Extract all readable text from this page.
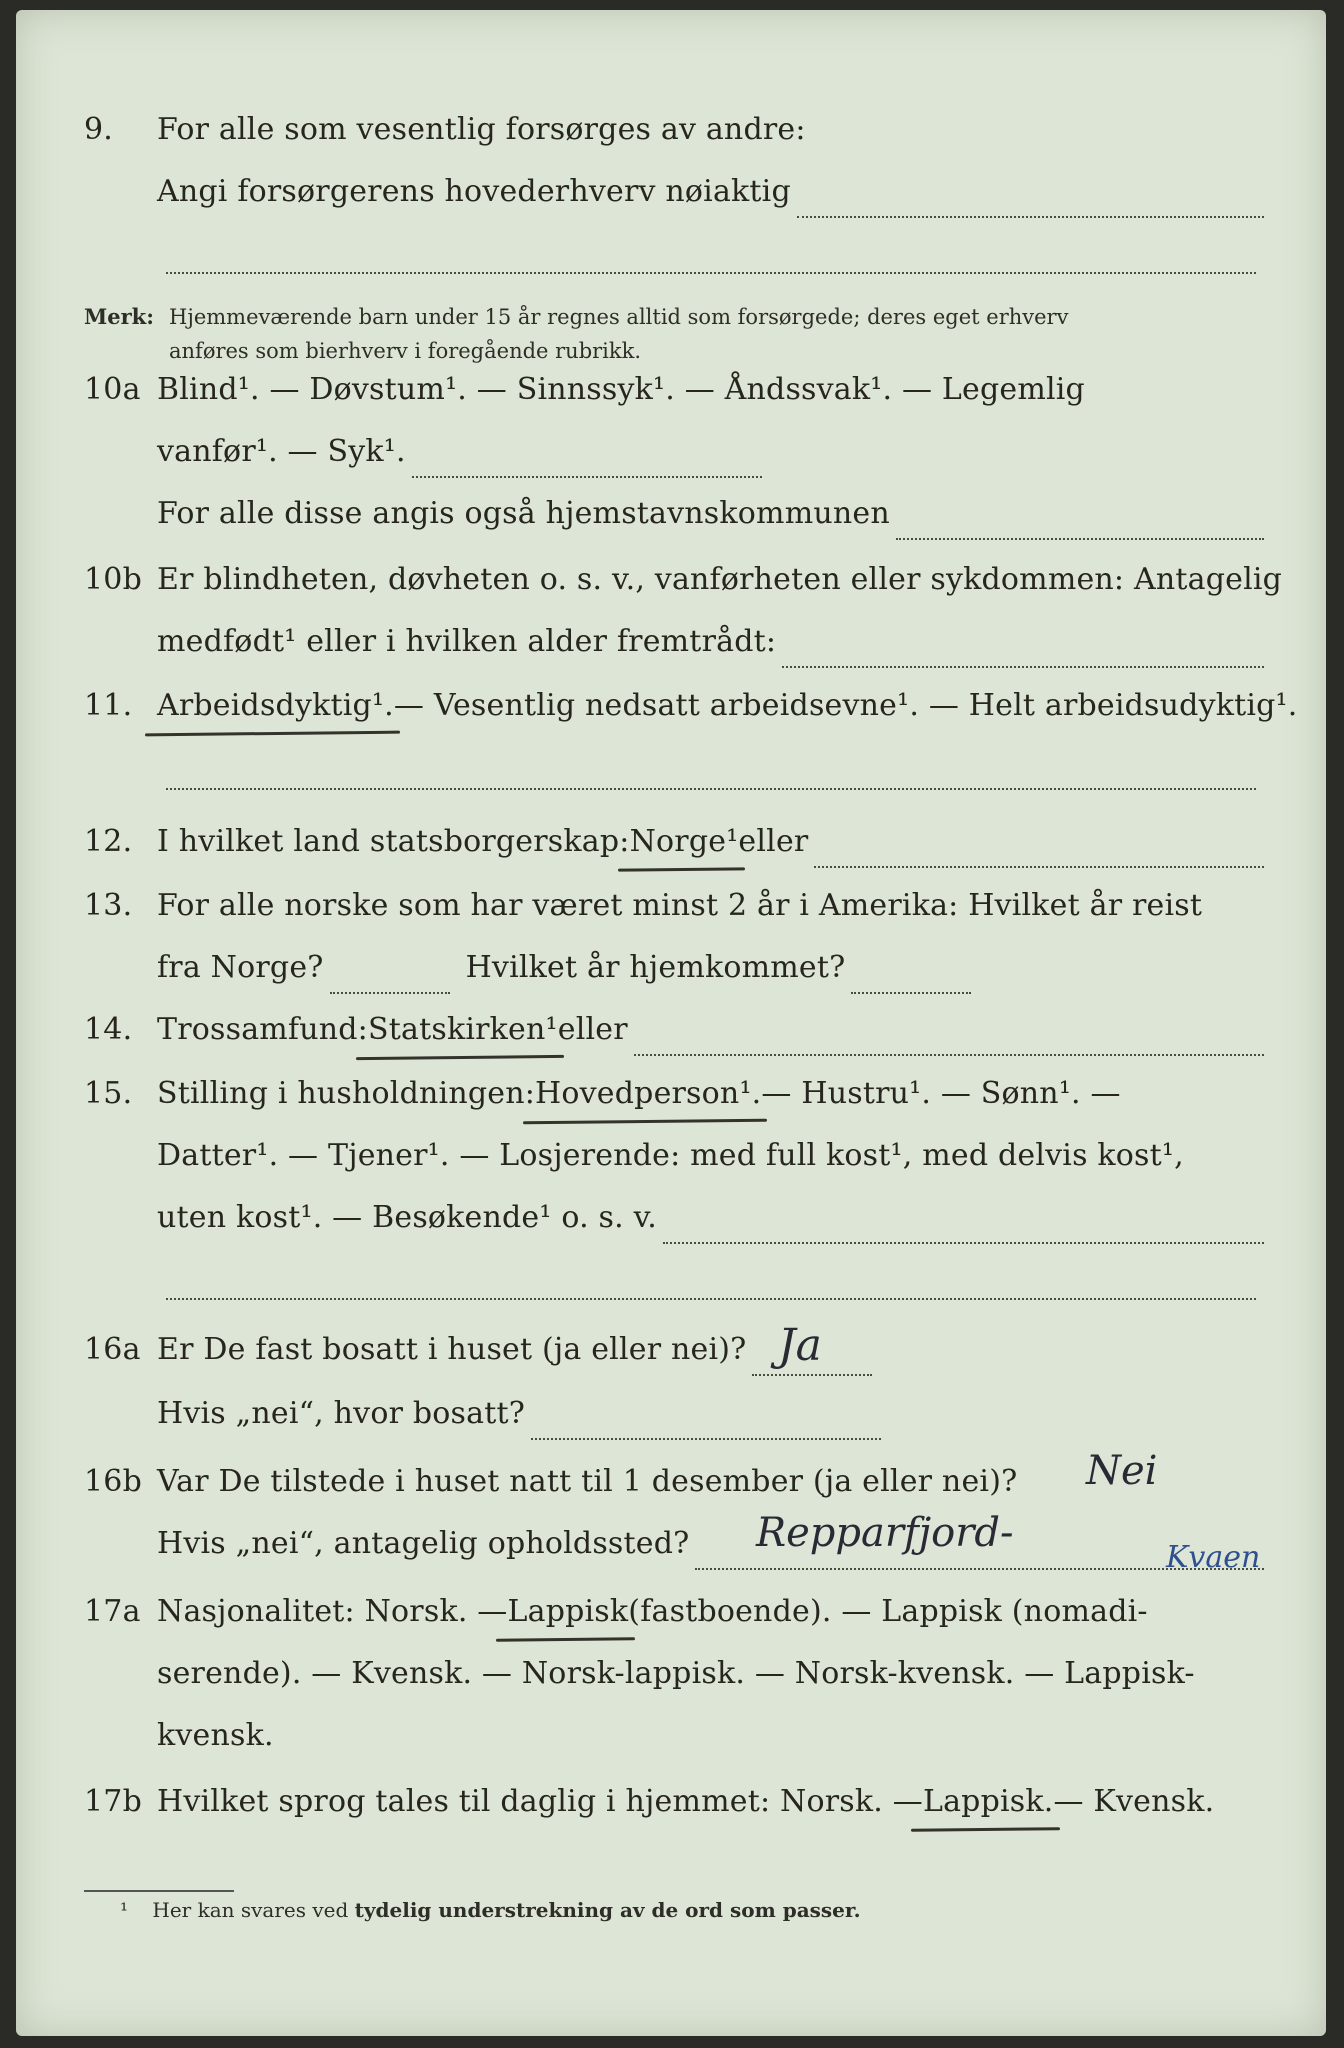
9.	For alle som vesentlig forsørges av andre:
Angi forsørgerens hovederhverv nøiaktig
Merk: Hjemmeværende barn under 15 år regnes alltid som forsørgede; deres eget erhverv
anføres som bierhverv i foregående rubrikk.
10a Blind¹. — Døvstum¹. — Sinnssyk¹. — Åndssvak¹. — Legemlig
vanfør¹. — Syk¹.
For alle disse angis også hjemstavnskommunen
10b Er blindheten, døvheten o. s. v., vanførheten eller sykdommen: Antagelig
medfødt¹ eller i hvilken alder fremtrådt:
11. Arbeidsdyktig¹. — Vesentlig nedsatt arbeidsevne¹. — Helt arbeidsudyktig¹.
12. I hvilket land statsborgerskap: Norge¹ eller
13. For alle norske som har været minst 2 år i Amerika: Hvilket år reist
fra Norge?	Hvilket år hjemkommet?
14. Trossamfund: Statskirken¹ eller
15. Stilling i husholdningen: Hovedperson¹. — Hustru¹. — Sønn¹. —
Datter¹. — Tjener¹. — Losjerende: med full kost¹, med delvis kost¹,
uten kost¹. — Besøkende¹ o. s. v.
16a Er De fast bosatt i huset (ja eller nei)? Ja
Hvis „nei“, hvor bosatt?
16b Var De tilstede i huset natt til 1 desember (ja eller nei)? Nei
Hvis „nei“, antagelig opholdssted? Repparfjord-
Kvaen
17a Nasjonalitet: Norsk. — Lappisk (fastboende). — Lappisk (nomadi-
serende). — Kvensk. — Norsk-lappisk. — Norsk-kvensk. — Lappisk-
kvensk.
17b Hvilket sprog tales til daglig i hjemmet: Norsk. — Lappisk. — Kvensk.
¹ Her kan svares ved tydelig understrekning av de ord som passer.
